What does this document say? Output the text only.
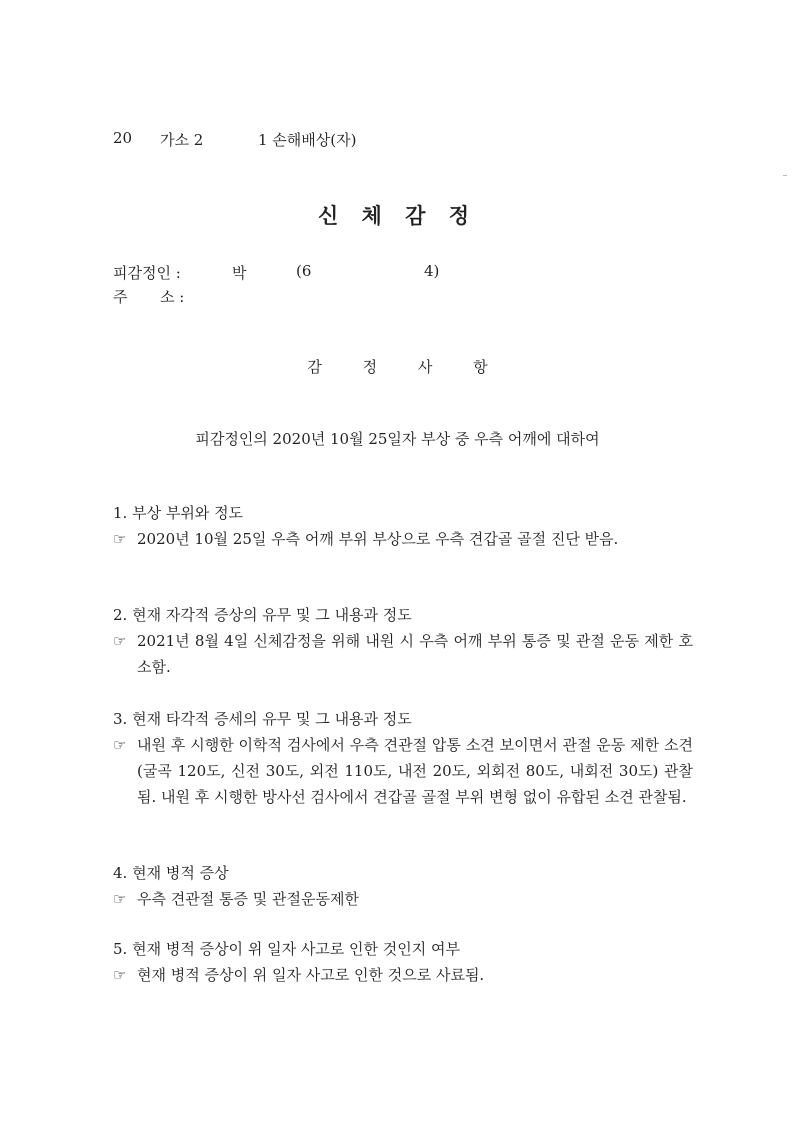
20 가소 2	1 손해배상(자)
신 체 감 정
피감정인 :	박	(6	4)
주 소 :
감	정	사	항
피감정인의 2020년 10월 25일자 부상 중 우측 어깨에 대하여
1. 부상 부위와 정도
☞ 2020년 10월 25일 우측 어깨 부위 부상으로 우측 견갑골 골절 진단 받음.
2. 현재 자각적 증상의 유무 및 그 내용과 정도
☞ 2021년 8월 4일 신체감정을 위해 내원 시 우측 어깨 부위 통증 및 관절 운동 제한 호소함.
3. 현재 타각적 증세의 유무 및 그 내용과 정도
☞ 내원 후 시행한 이학적 검사에서 우측 견관절 압통 소견 보이면서 관절 운동 제한 소견(굴곡 120도, 신전 30도, 외전 110도, 내전 20도, 외회전 80도, 내회전 30도) 관찰됨. 내원 후 시행한 방사선 검사에서 견갑골 골절 부위 변형 없이 유합된 소견 관찰됨.
4. 현재 병적 증상
☞ 우측 견관절 통증 및 관절운동제한
5. 현재 병적 증상이 위 일자 사고로 인한 것인지 여부
☞ 현재 병적 증상이 위 일자 사고로 인한 것으로 사료됨.
